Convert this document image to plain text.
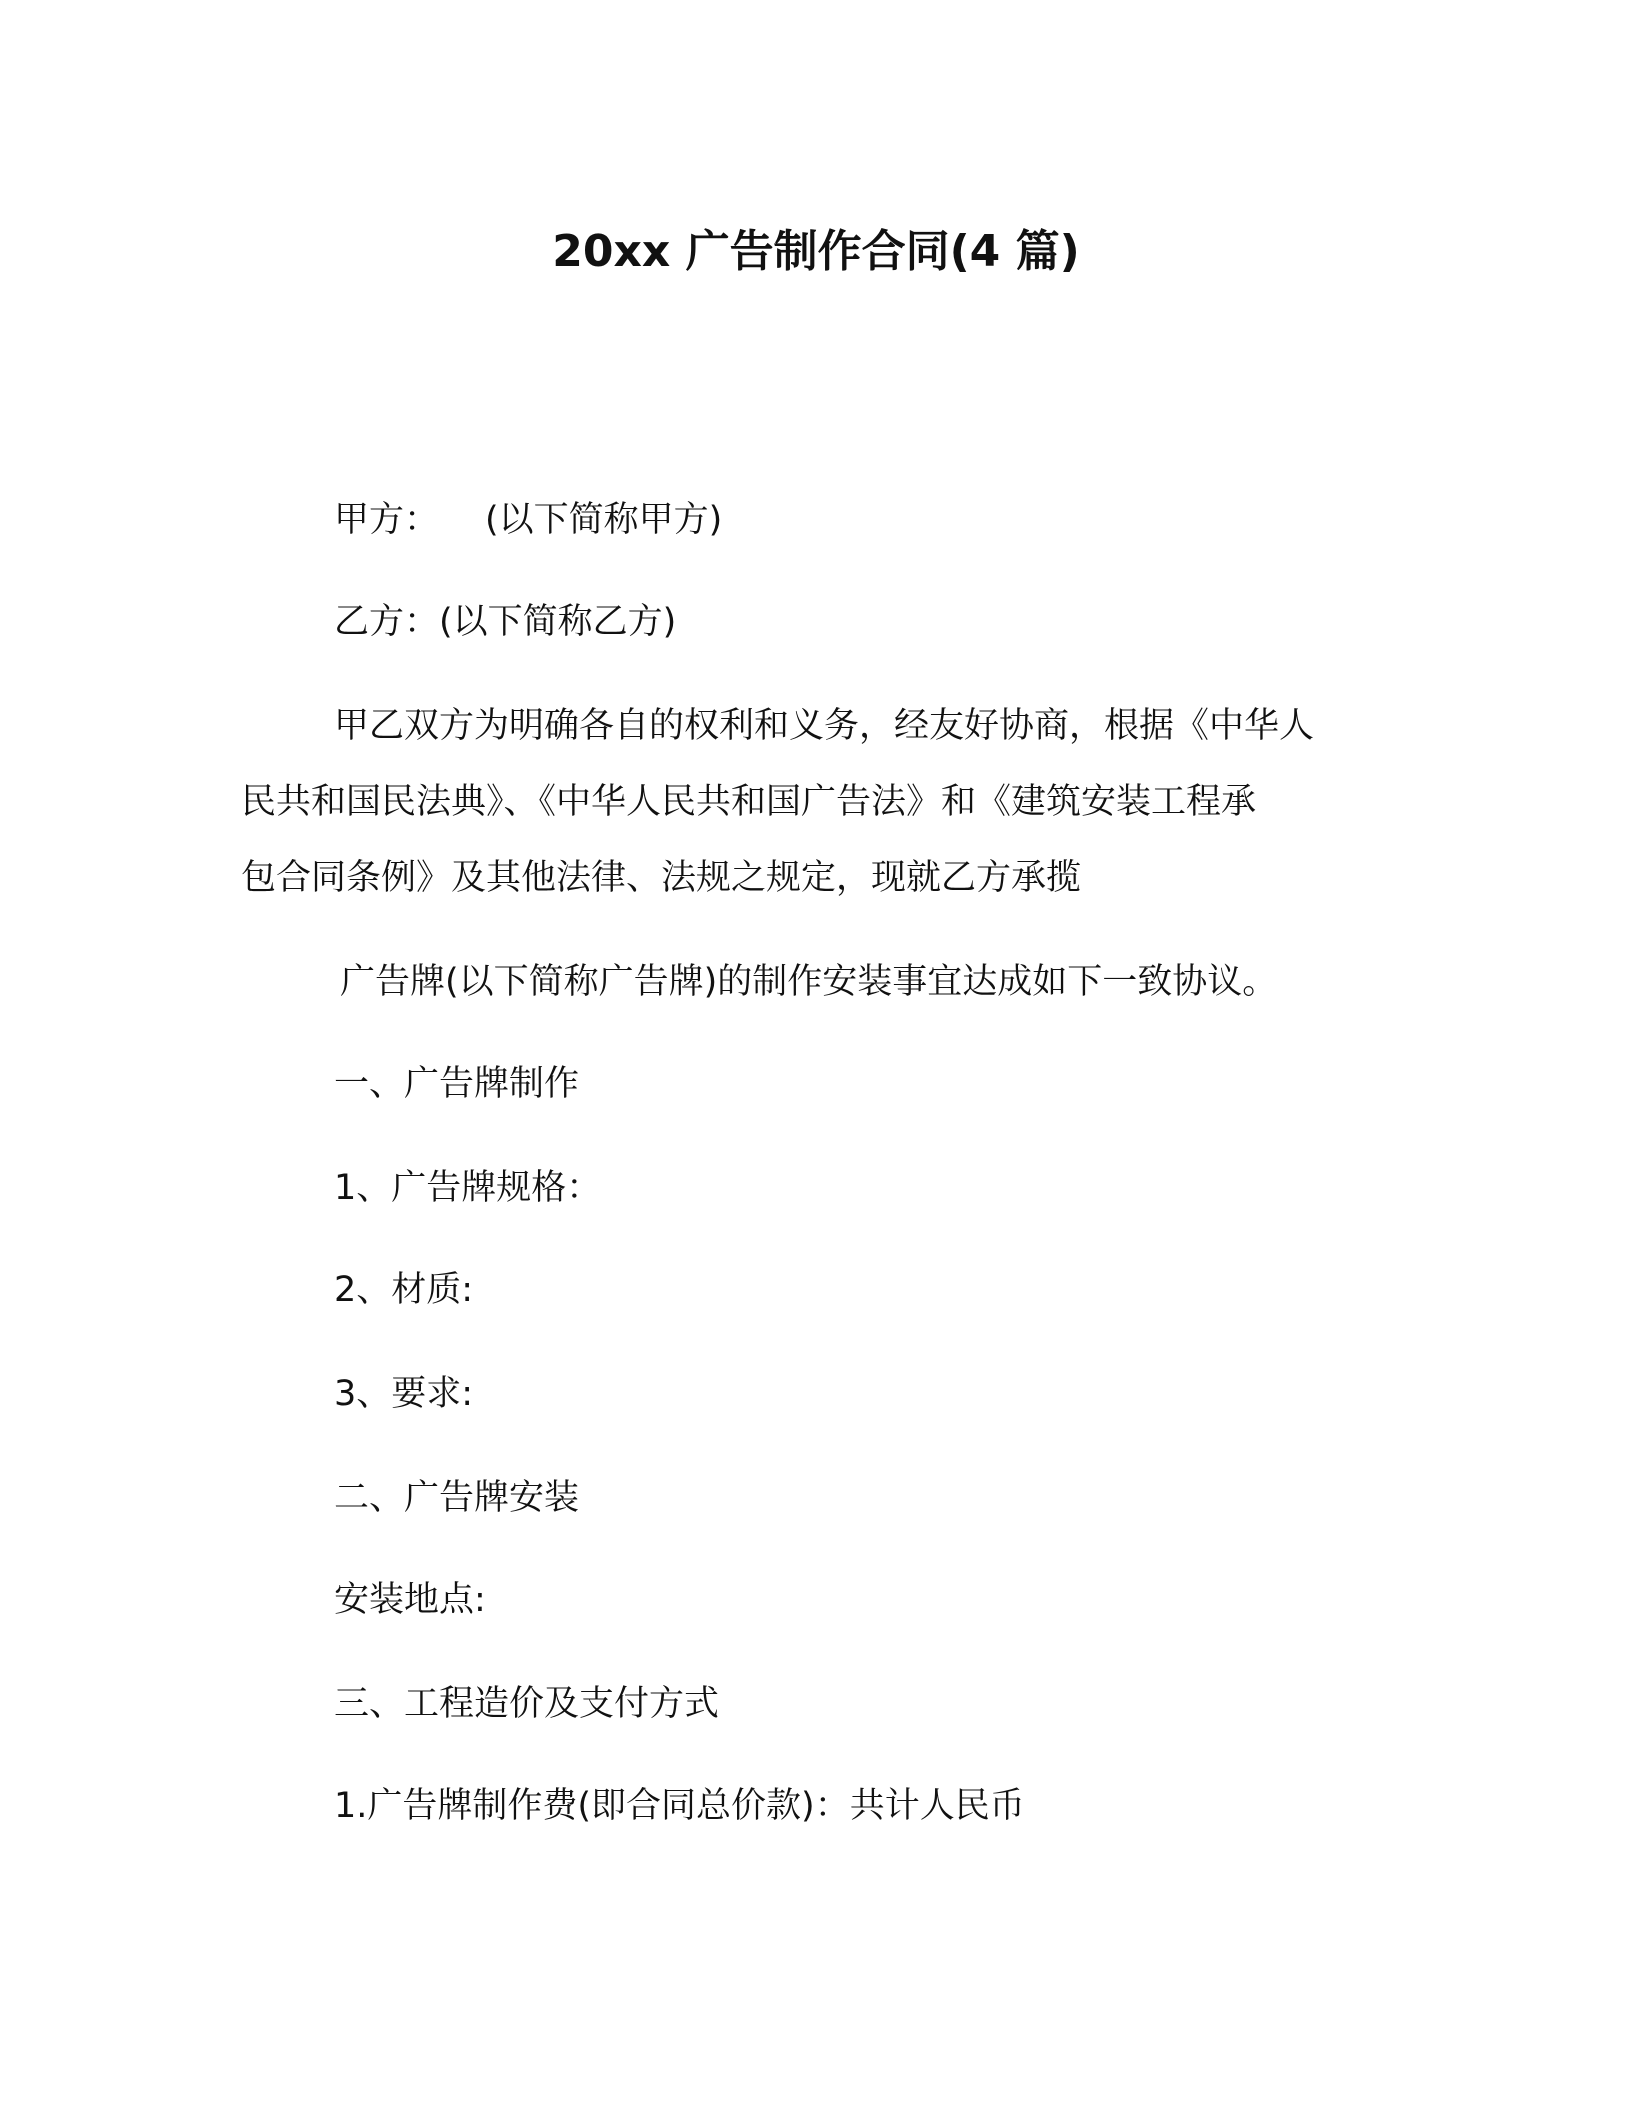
20xx 广告制作合同(4 篇)
甲方： (以下简称甲方)
乙方：(以下简称乙方)
甲乙双方为明确各自的权利和义务，经友好协商，根据《中华人
民共和国民法典》、《中华人民共和国广告法》和《建筑安装工程承
包合同条例》及其他法律、法规之规定，现就乙方承揽
广告牌(以下简称广告牌)的制作安装事宜达成如下一致协议。
一、广告牌制作
1、广告牌规格：
2、材质:
3、要求:
二、广告牌安装
安装地点:
三、工程造价及支付方式
1.广告牌制作费(即合同总价款)：共计人民币
